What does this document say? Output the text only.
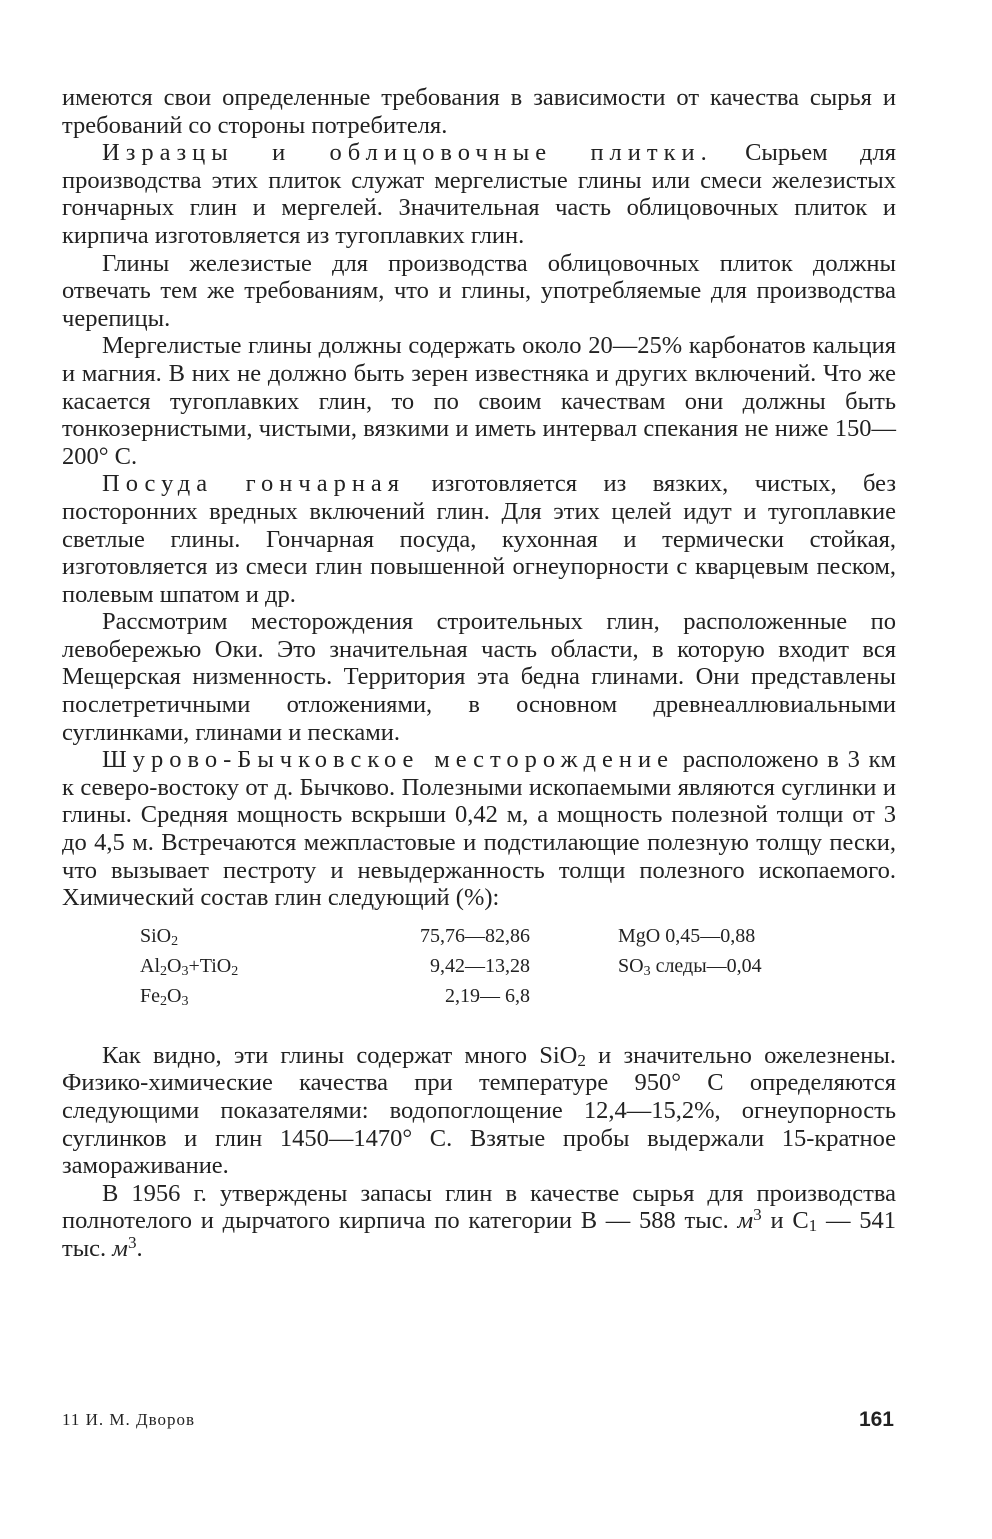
имеются свои определенные требования в зависимости от качества сырья и требований со стороны потребителя.

Изразцы и облицовочные плитки. Сырьем для производства этих плиток служат мергелистые глины или смеси железистых гончарных глин и мергелей. Значительная часть облицовочных плиток и кирпича изготовляется из тугоплавких глин.

Глины железистые для производства облицовочных плиток должны отвечать тем же требованиям, что и глины, употребляемые для производства черепицы.

Мергелистые глины должны содержать около 20—25% карбонатов кальция и магния. В них не должно быть зерен известняка и других включений. Что же касается тугоплавких глин, то по своим качествам они должны быть тонкозернистыми, чистыми, вязкими и иметь интервал спекания не ниже 150—200° С.

Посуда гончарная изготовляется из вязких, чистых, без посторонних вредных включений глин. Для этих целей идут и тугоплавкие светлые глины. Гончарная посуда, кухонная и термически стойкая, изготовляется из смеси глин повышенной огнеупорности с кварцевым песком, полевым шпатом и др.

Рассмотрим месторождения строительных глин, расположенные по левобережью Оки. Это значительная часть области, в которую входит вся Мещерская низменность. Территория эта бедна глинами. Они представлены послетретичными отложениями, в основном древнеаллювиальными суглинками, глинами и песками.

Шурово-Бычковское месторождение расположено в 3 км к северо-востоку от д. Бычково. Полезными ископаемыми являются суглинки и глины. Средняя мощность вскрыши 0,42 м, а мощность полезной толщи от 3 до 4,5 м. Встречаются межпластовые и подстилающие полезную толщу пески, что вызывает пестроту и невыдержанность толщи полезного ископаемого. Химический состав глин следующий (%):

SiO$_2$	75,76—82,86	MgO 0,45—0,88
$Al_2O_3+TiO_2$	9,42—13,28	$SO_3$ следы—0,04
$Fe_2O_3$	2,19— 6,8

Как видно, эти глины содержат много SiO$_2$ и значительно ожелезнены. Физико-химические качества при температуре 950° С определяются следующими показателями: водопоглощение 12,4—15,2%, огнеупорность суглинков и глин 1450—1470° С. Взятые пробы выдержали 15-кратное замораживание.

В 1956 г. утверждены запасы глин в качестве сырья для производства полнотелого и дырчатого кирпича по категории В — 588 тыс. $м^3$ и $С_1$ — 541 тыс. $м^3$.

11 И. М. Дворов	161
